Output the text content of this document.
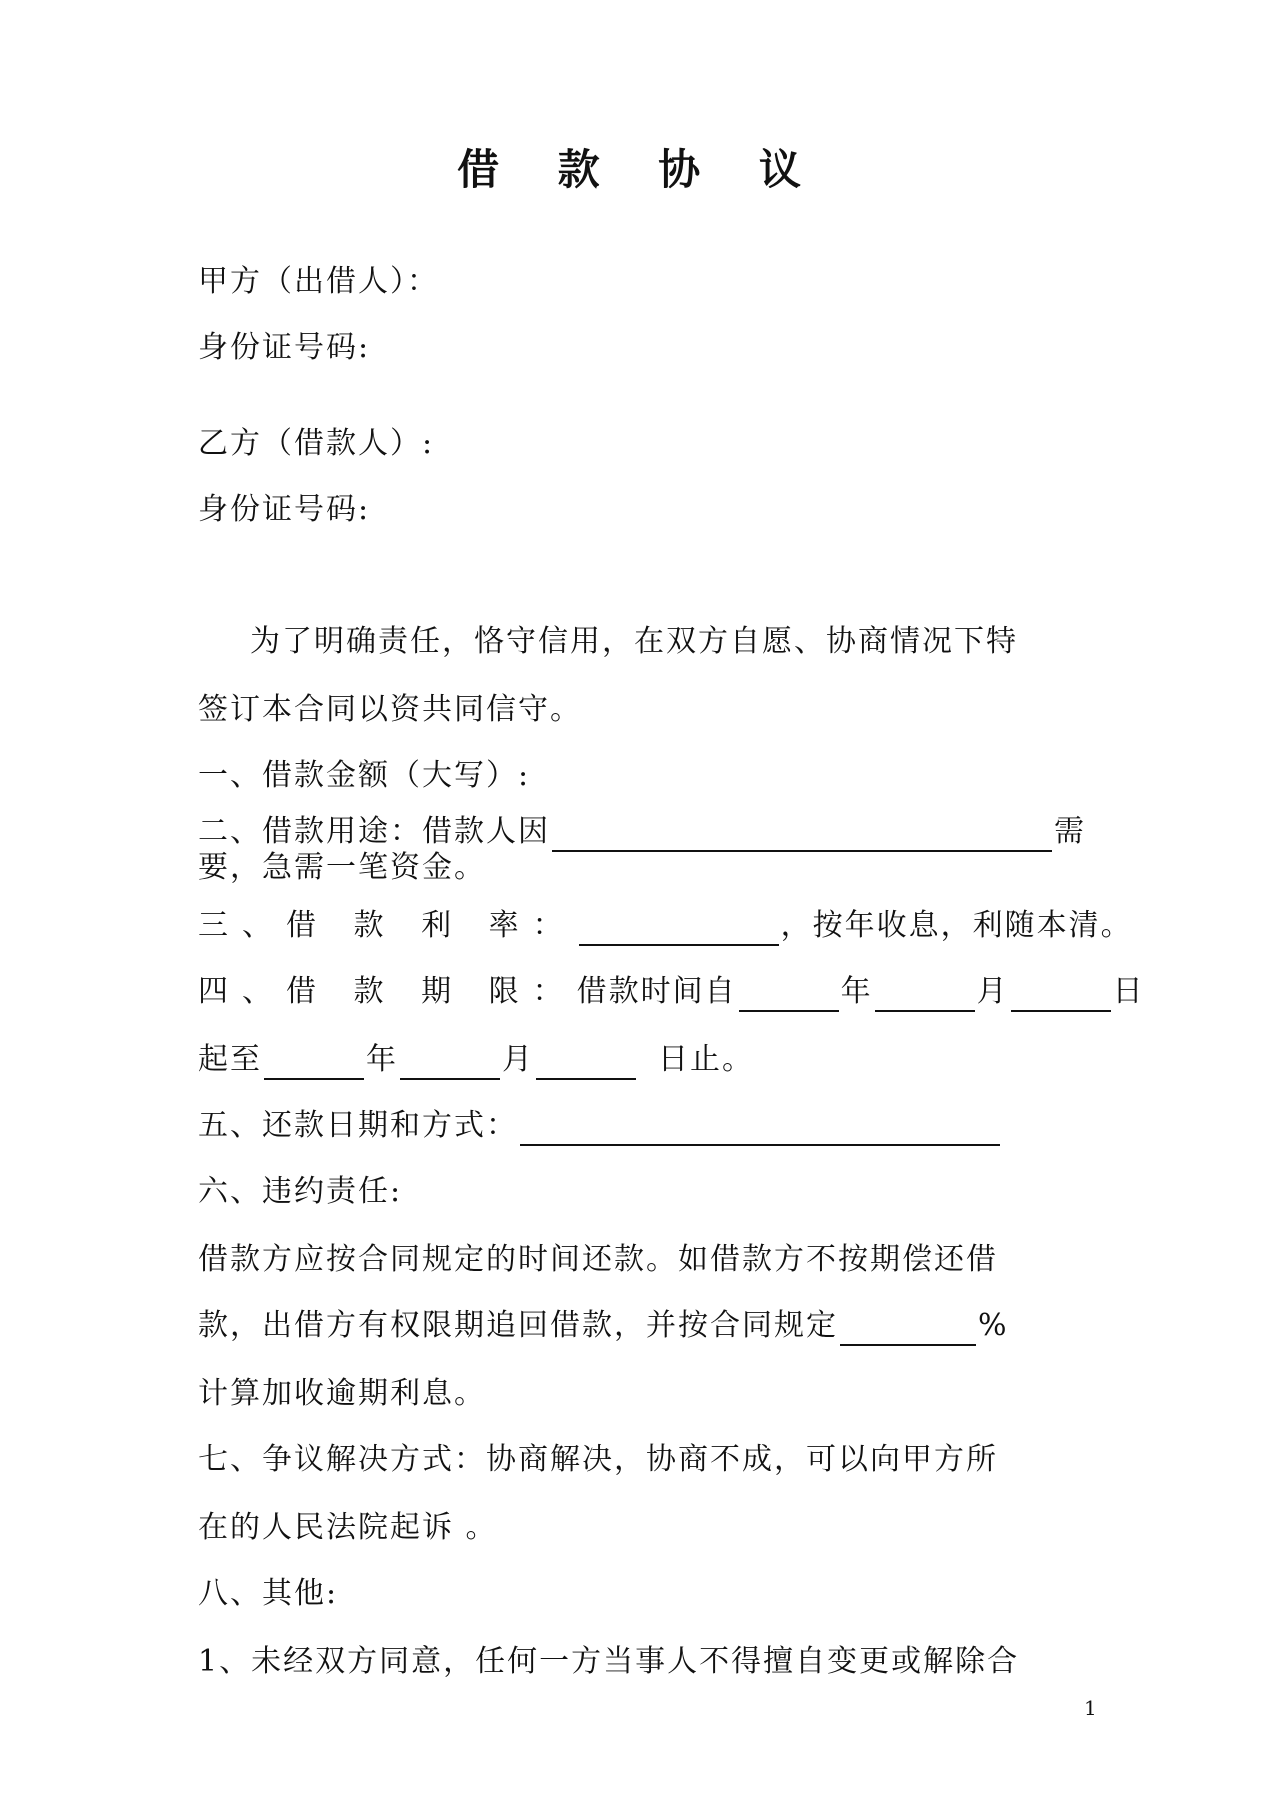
借 款 协 议
甲方（出借人）：
身份证号码:
乙方（借款人）:
身份证号码:
为了明确责任，恪守信用，在双方自愿、协商情况下特
签订本合同以资共同信守。
一、借款金额（大写）:
二、借款用途：借款人因	需
要，急需一笔资金。
三、借 款 利 率：	，按年收息，利随本清。
四、借 款 期 限：借款时间自	年	月	日
起至	年	月	日止。
五、还款日期和方式：
六、违约责任:
借款方应按合同规定的时间还款。如借款方不按期偿还借
款，出借方有权限期追回借款，并按合同规定	%
计算加收逾期利息。
七、争议解决方式：协商解决，协商不成，可以向甲方所
在的人民法院起诉 。
八、其他:
1、未经双方同意，任何一方当事人不得擅自变更或解除合
1
